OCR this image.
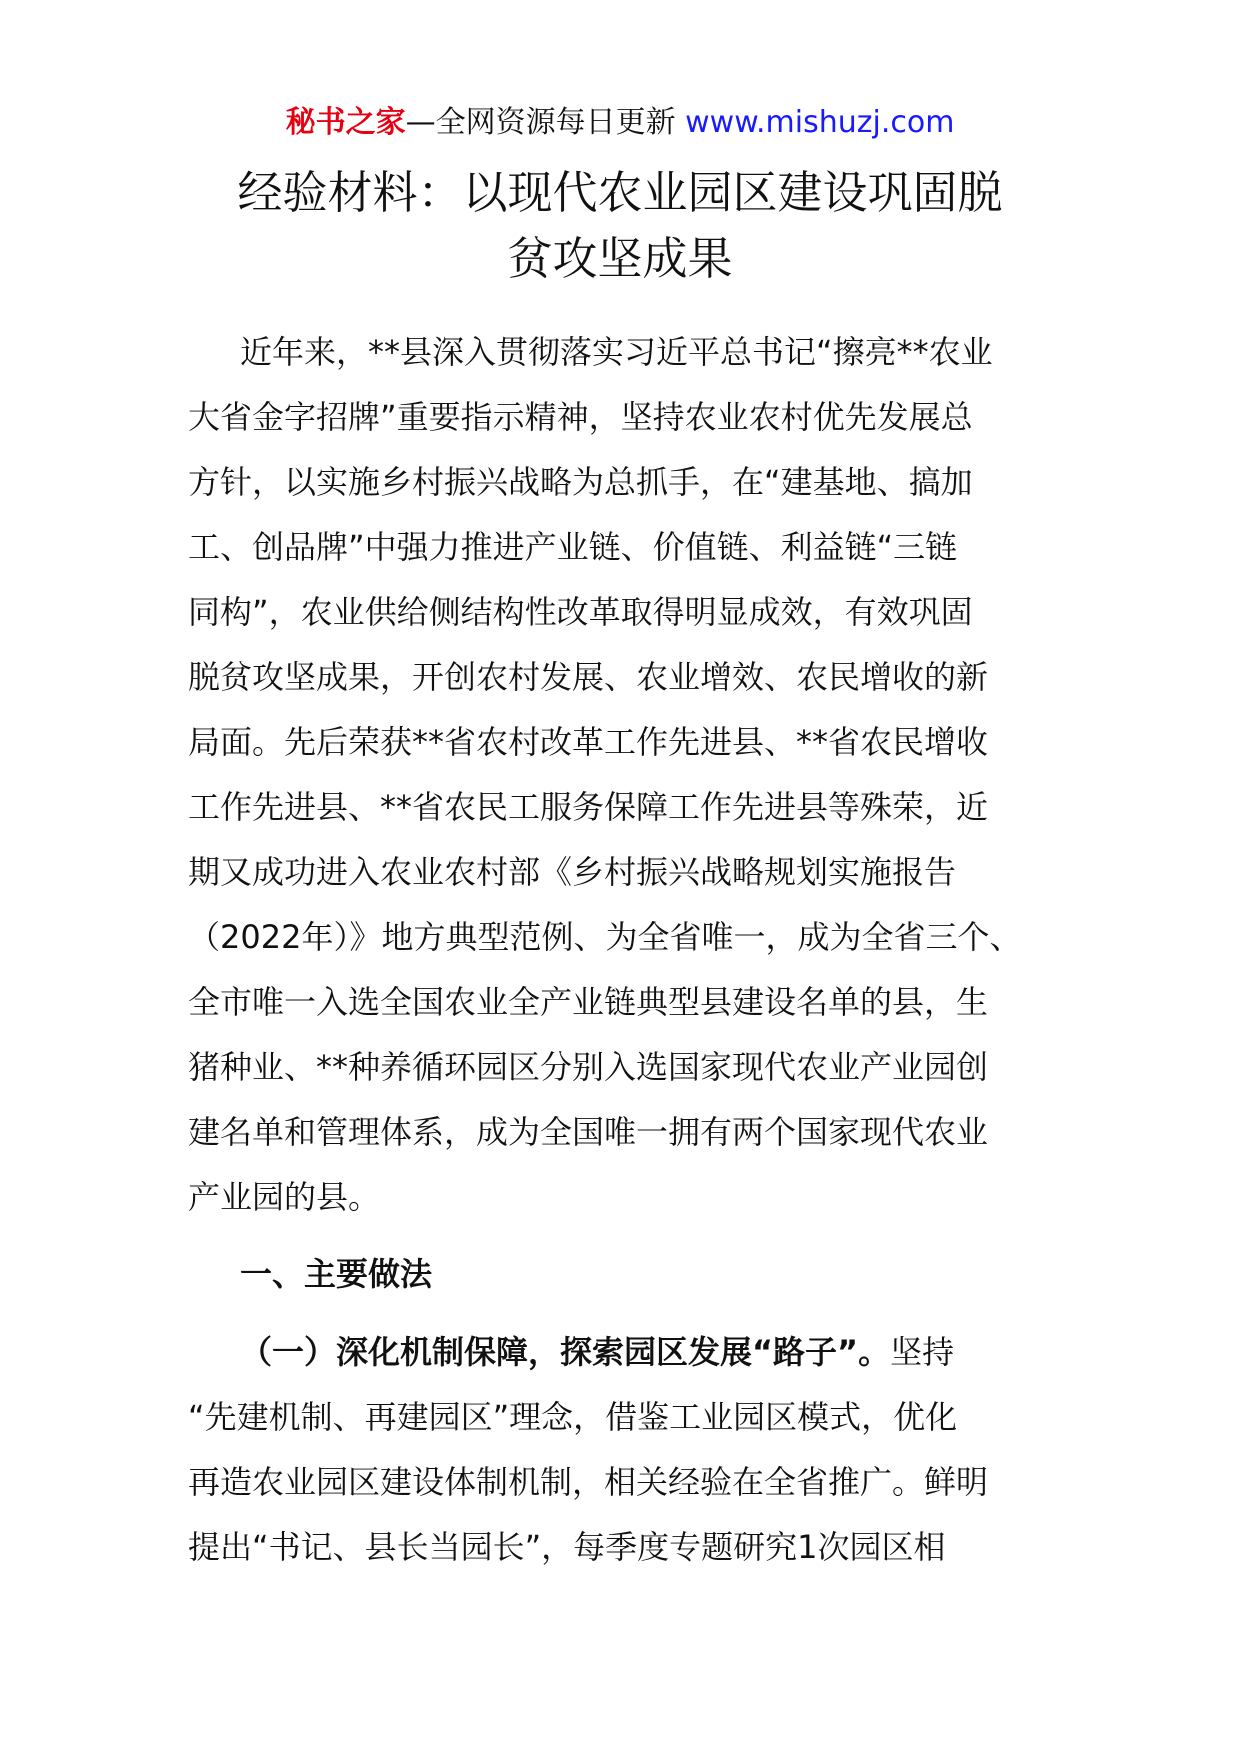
秘书之家—全网资源每日更新 www.mishuzj.com
经验材料：以现代农业园区建设巩固脱
贫攻坚成果
近年来，**县深入贯彻落实习近平总书记“擦亮**农业
大省金字招牌”重要指示精神，坚持农业农村优先发展总
方针，以实施乡村振兴战略为总抓手，在“建基地、搞加
工、创品牌”中强力推进产业链、价值链、利益链“三链
同构”，农业供给侧结构性改革取得明显成效，有效巩固
脱贫攻坚成果，开创农村发展、农业增效、农民增收的新
局面。先后荣获**省农村改革工作先进县、**省农民增收
工作先进县、**省农民工服务保障工作先进县等殊荣，近
期又成功进入农业农村部《乡村振兴战略规划实施报告
（2022年）》地方典型范例、为全省唯一，成为全省三个、
全市唯一入选全国农业全产业链典型县建设名单的县，生
猪种业、**种养循环园区分别入选国家现代农业产业园创
建名单和管理体系，成为全国唯一拥有两个国家现代农业
产业园的县。
一、主要做法
（一）深化机制保障，探索园区发展“路子”。坚持
“先建机制、再建园区”理念，借鉴工业园区模式，优化
再造农业园区建设体制机制，相关经验在全省推广。鲜明
提出“书记、县长当园长”，每季度专题研究1次园区相
